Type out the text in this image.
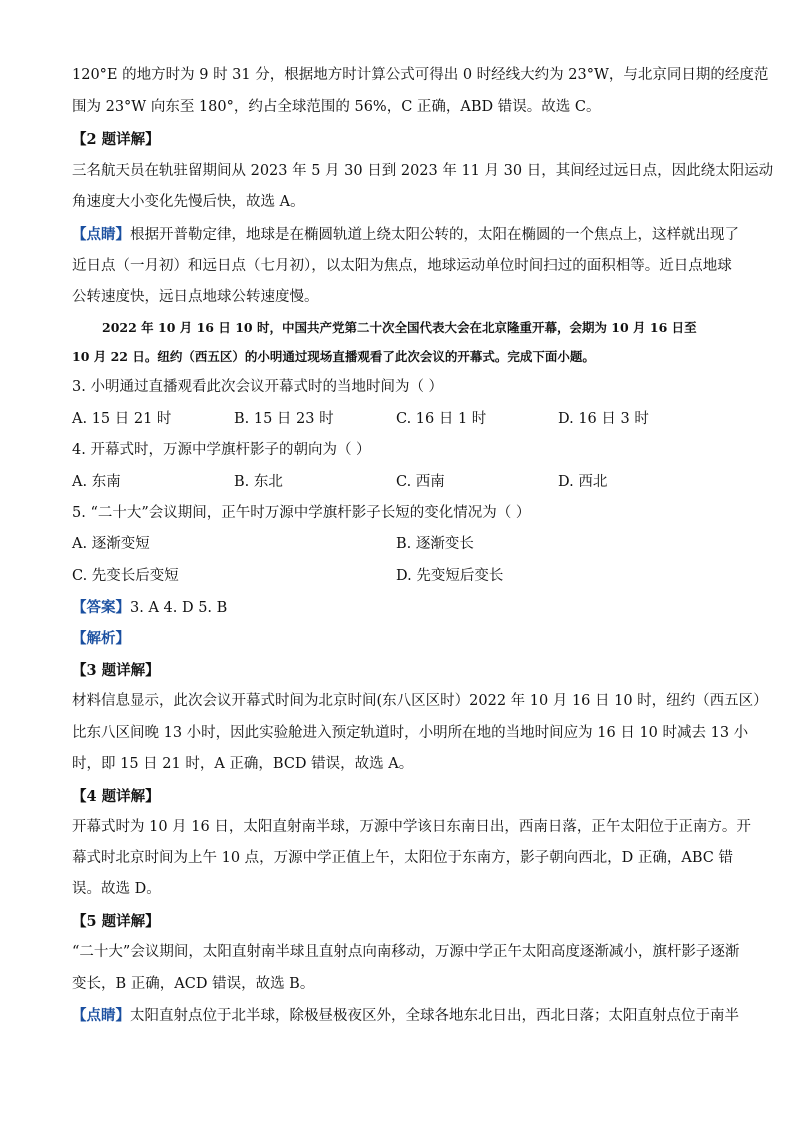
120°E 的地方时为 9 时 31 分，根据地方时计算公式可得出 0 时经线大约为 23°W，与北京同日期的经度范
围为 23°W 向东至 180°，约占全球范围的 56%，C 正确，ABD 错误。故选 C。
【2 题详解】
三名航天员在轨驻留期间从 2023 年 5 月 30 日到 2023 年 11 月 30 日，其间经过远日点，因此绕太阳运动
角速度大小变化先慢后快，故选 A。
【点睛】根据开普勒定律，地球是在椭圆轨道上绕太阳公转的，太阳在椭圆的一个焦点上，这样就出现了
近日点（一月初）和远日点（七月初），以太阳为焦点，地球运动单位时间扫过的面积相等。近日点地球
公转速度快，远日点地球公转速度慢。
2022 年 10 月 16 日 10 时，中国共产党第二十次全国代表大会在北京隆重开幕，会期为 10 月 16 日至
10 月 22 日。纽约（西五区）的小明通过现场直播观看了此次会议的开幕式。完成下面小题。
3. 小明通过直播观看此次会议开幕式时的当地时间为（ ）
A. 15 日 21 时	B. 15 日 23 时	C. 16 日 1 时	D. 16 日 3 时
4. 开幕式时，万源中学旗杆影子的朝向为（ ）
A. 东南	B. 东北	C. 西南	D. 西北
5. “二十大”会议期间，正午时万源中学旗杆影子长短的变化情况为（ ）
A. 逐渐变短	B. 逐渐变长
C. 先变长后变短	D. 先变短后变长
【答案】3. A 4. D 5. B
【解析】
【3 题详解】
材料信息显示，此次会议开幕式时间为北京时间(东八区区时）2022 年 10 月 16 日 10 时，纽约（西五区）
比东八区间晚 13 小时，因此实验舱进入预定轨道时，小明所在地的当地时间应为 16 日 10 时减去 13 小
时，即 15 日 21 时，A 正确，BCD 错误，故选 A。
【4 题详解】
开幕式时为 10 月 16 日，太阳直射南半球，万源中学该日东南日出，西南日落，正午太阳位于正南方。开
幕式时北京时间为上午 10 点，万源中学正值上午，太阳位于东南方，影子朝向西北，D 正确，ABC 错
误。故选 D。
【5 题详解】
“二十大”会议期间，太阳直射南半球且直射点向南移动，万源中学正午太阳高度逐渐减小，旗杆影子逐渐
变长，B 正确，ACD 错误，故选 B。
【点睛】太阳直射点位于北半球，除极昼极夜区外，全球各地东北日出，西北日落；太阳直射点位于南半
